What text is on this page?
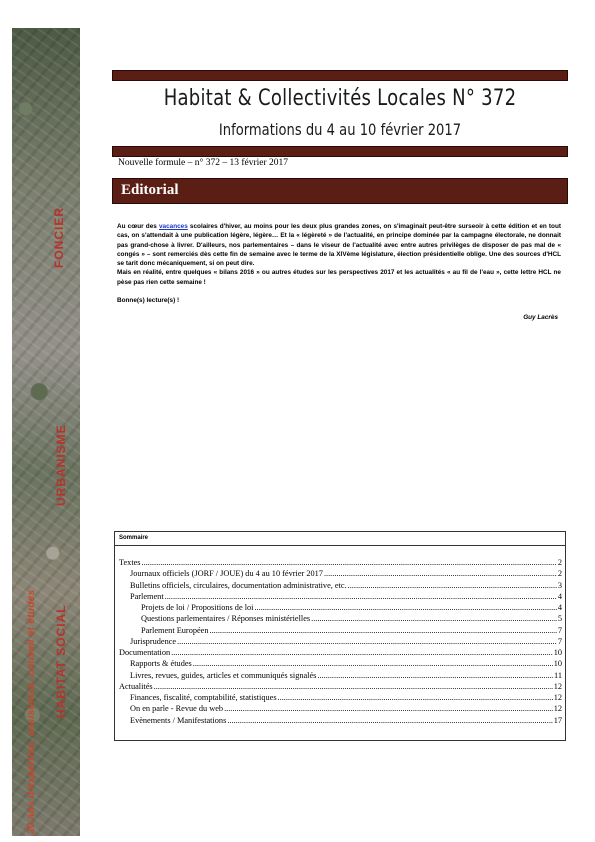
FONCIER
URBANISME
HABITAT SOCIAL
20 ans d'expertise, assistance, conseil et études
Habitat & Collectivités Locales N° 372
Informations du 4 au 10 février 2017
Nouvelle formule – n° 372 – 13 février 2017
Editorial

Au cœur des vacances scolaires d'hiver, au moins pour les deux plus grandes zones, on s'imaginait peut-être surseoir à cette édition et en tout cas, on s'attendait à une publication légère, légère… Et la « légèreté » de l'actualité, en principe dominée par la campagne électorale, ne donnait pas grand-chose à livrer. D'ailleurs, nos parlementaires – dans le viseur de l'actualité avec entre autres privilèges de disposer de pas mal de « congés » – sont remerciés dès cette fin de semaine avec le terme de la XIVème législature, élection présidentielle oblige. Une des sources d'HCL se tarit donc mécaniquement, si on peut dire.

Mais en réalité, entre quelques « bilans 2016 » ou autres études sur les perspectives 2017 et les actualités « au fil de l'eau », cette lettre HCL ne pèse pas rien cette semaine !

Bonne(s) lecture(s) !

Guy Lacrès

Sommaire
Textes .....	2
Journaux officiels (JORF / JOUE) du 4 au 10 février 2017 .....	2
Bulletins officiels, circulaires, documentation administrative, etc. .....	3
Parlement .....	4
Projets de loi / Propositions de loi .....	4
Questions parlementaires / Réponses ministérielles .....	5
Parlement Européen .....	7
Jurisprudence .....	7
Documentation .....	10
Rapports & études .....	10
Livres, revues, guides, articles et communiqués signalés .....	11
Actualités .....	12
Finances, fiscalité, comptabilité, statistiques .....	12
On en parle - Revue du web .....	12
Evènements / Manifestations .....	17
